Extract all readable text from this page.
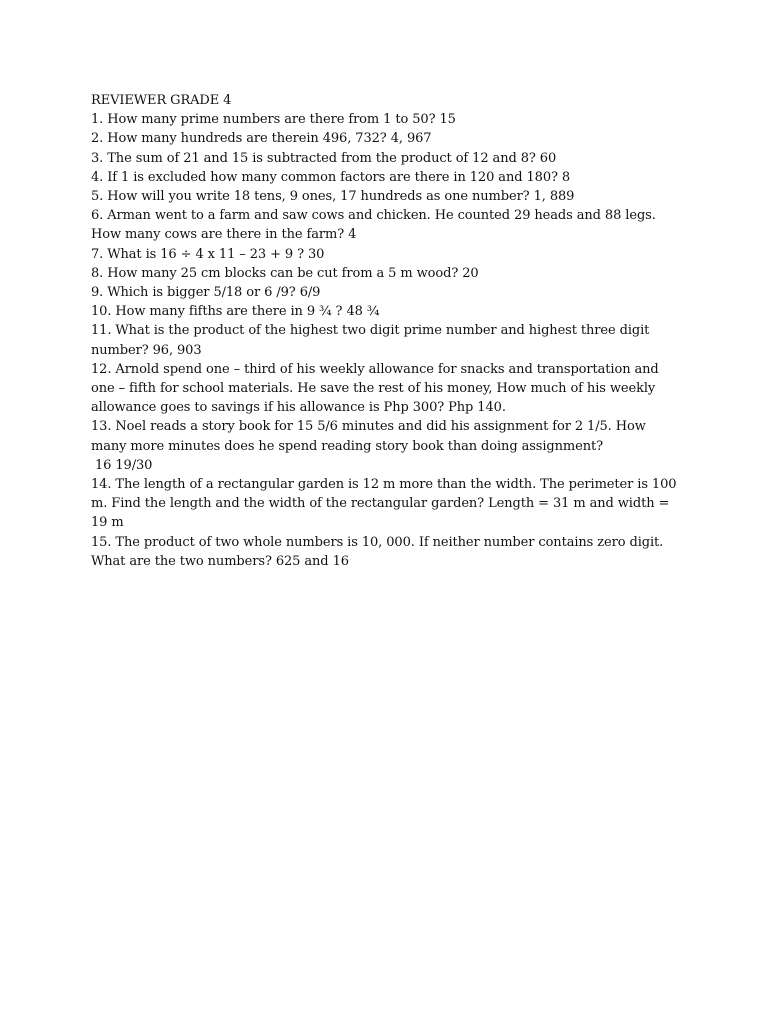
REVIEWER GRADE 4

1. How many prime numbers are there from 1 to 50? 15

2. How many hundreds are therein 496, 732? 4, 967

3. The sum of 21 and 15 is subtracted from the product of 12 and 8? 60

4. If 1 is excluded how many common factors are there in 120 and 180? 8

5. How will you write 18 tens, 9 ones, 17 hundreds as one number? 1, 889

6. Arman went to a farm and saw cows and chicken. He counted 29 heads and 88 legs. How many cows are there in the farm? 4

7. What is 16 ÷ 4 x 11 – 23 + 9 ? 30

8. How many 25 cm blocks can be cut from a 5 m wood? 20

9. Which is bigger 5/18 or 6 /9? 6/9

10. How many fifths are there in 9 ¾ ? 48 ¾

11. What is the product of the highest two digit prime number and highest three digit number? 96, 903

12. Arnold spend one – third of his weekly allowance for snacks and transportation and one – fifth for school materials. He save the rest of his money, How much of his weekly allowance goes to savings if his allowance is Php 300? Php 140.

13. Noel reads a story book for 15 5/6 minutes and did his assignment for 2 1/5. How many more minutes does he spend reading story book than doing assignment?
16 19/30

14. The length of a rectangular garden is 12 m more than the width. The perimeter is 100 m. Find the length and the width of the rectangular garden? Length = 31 m and width = 19 m

15. The product of two whole numbers is 10, 000. If neither number contains zero digit. What are the two numbers? 625 and 16
